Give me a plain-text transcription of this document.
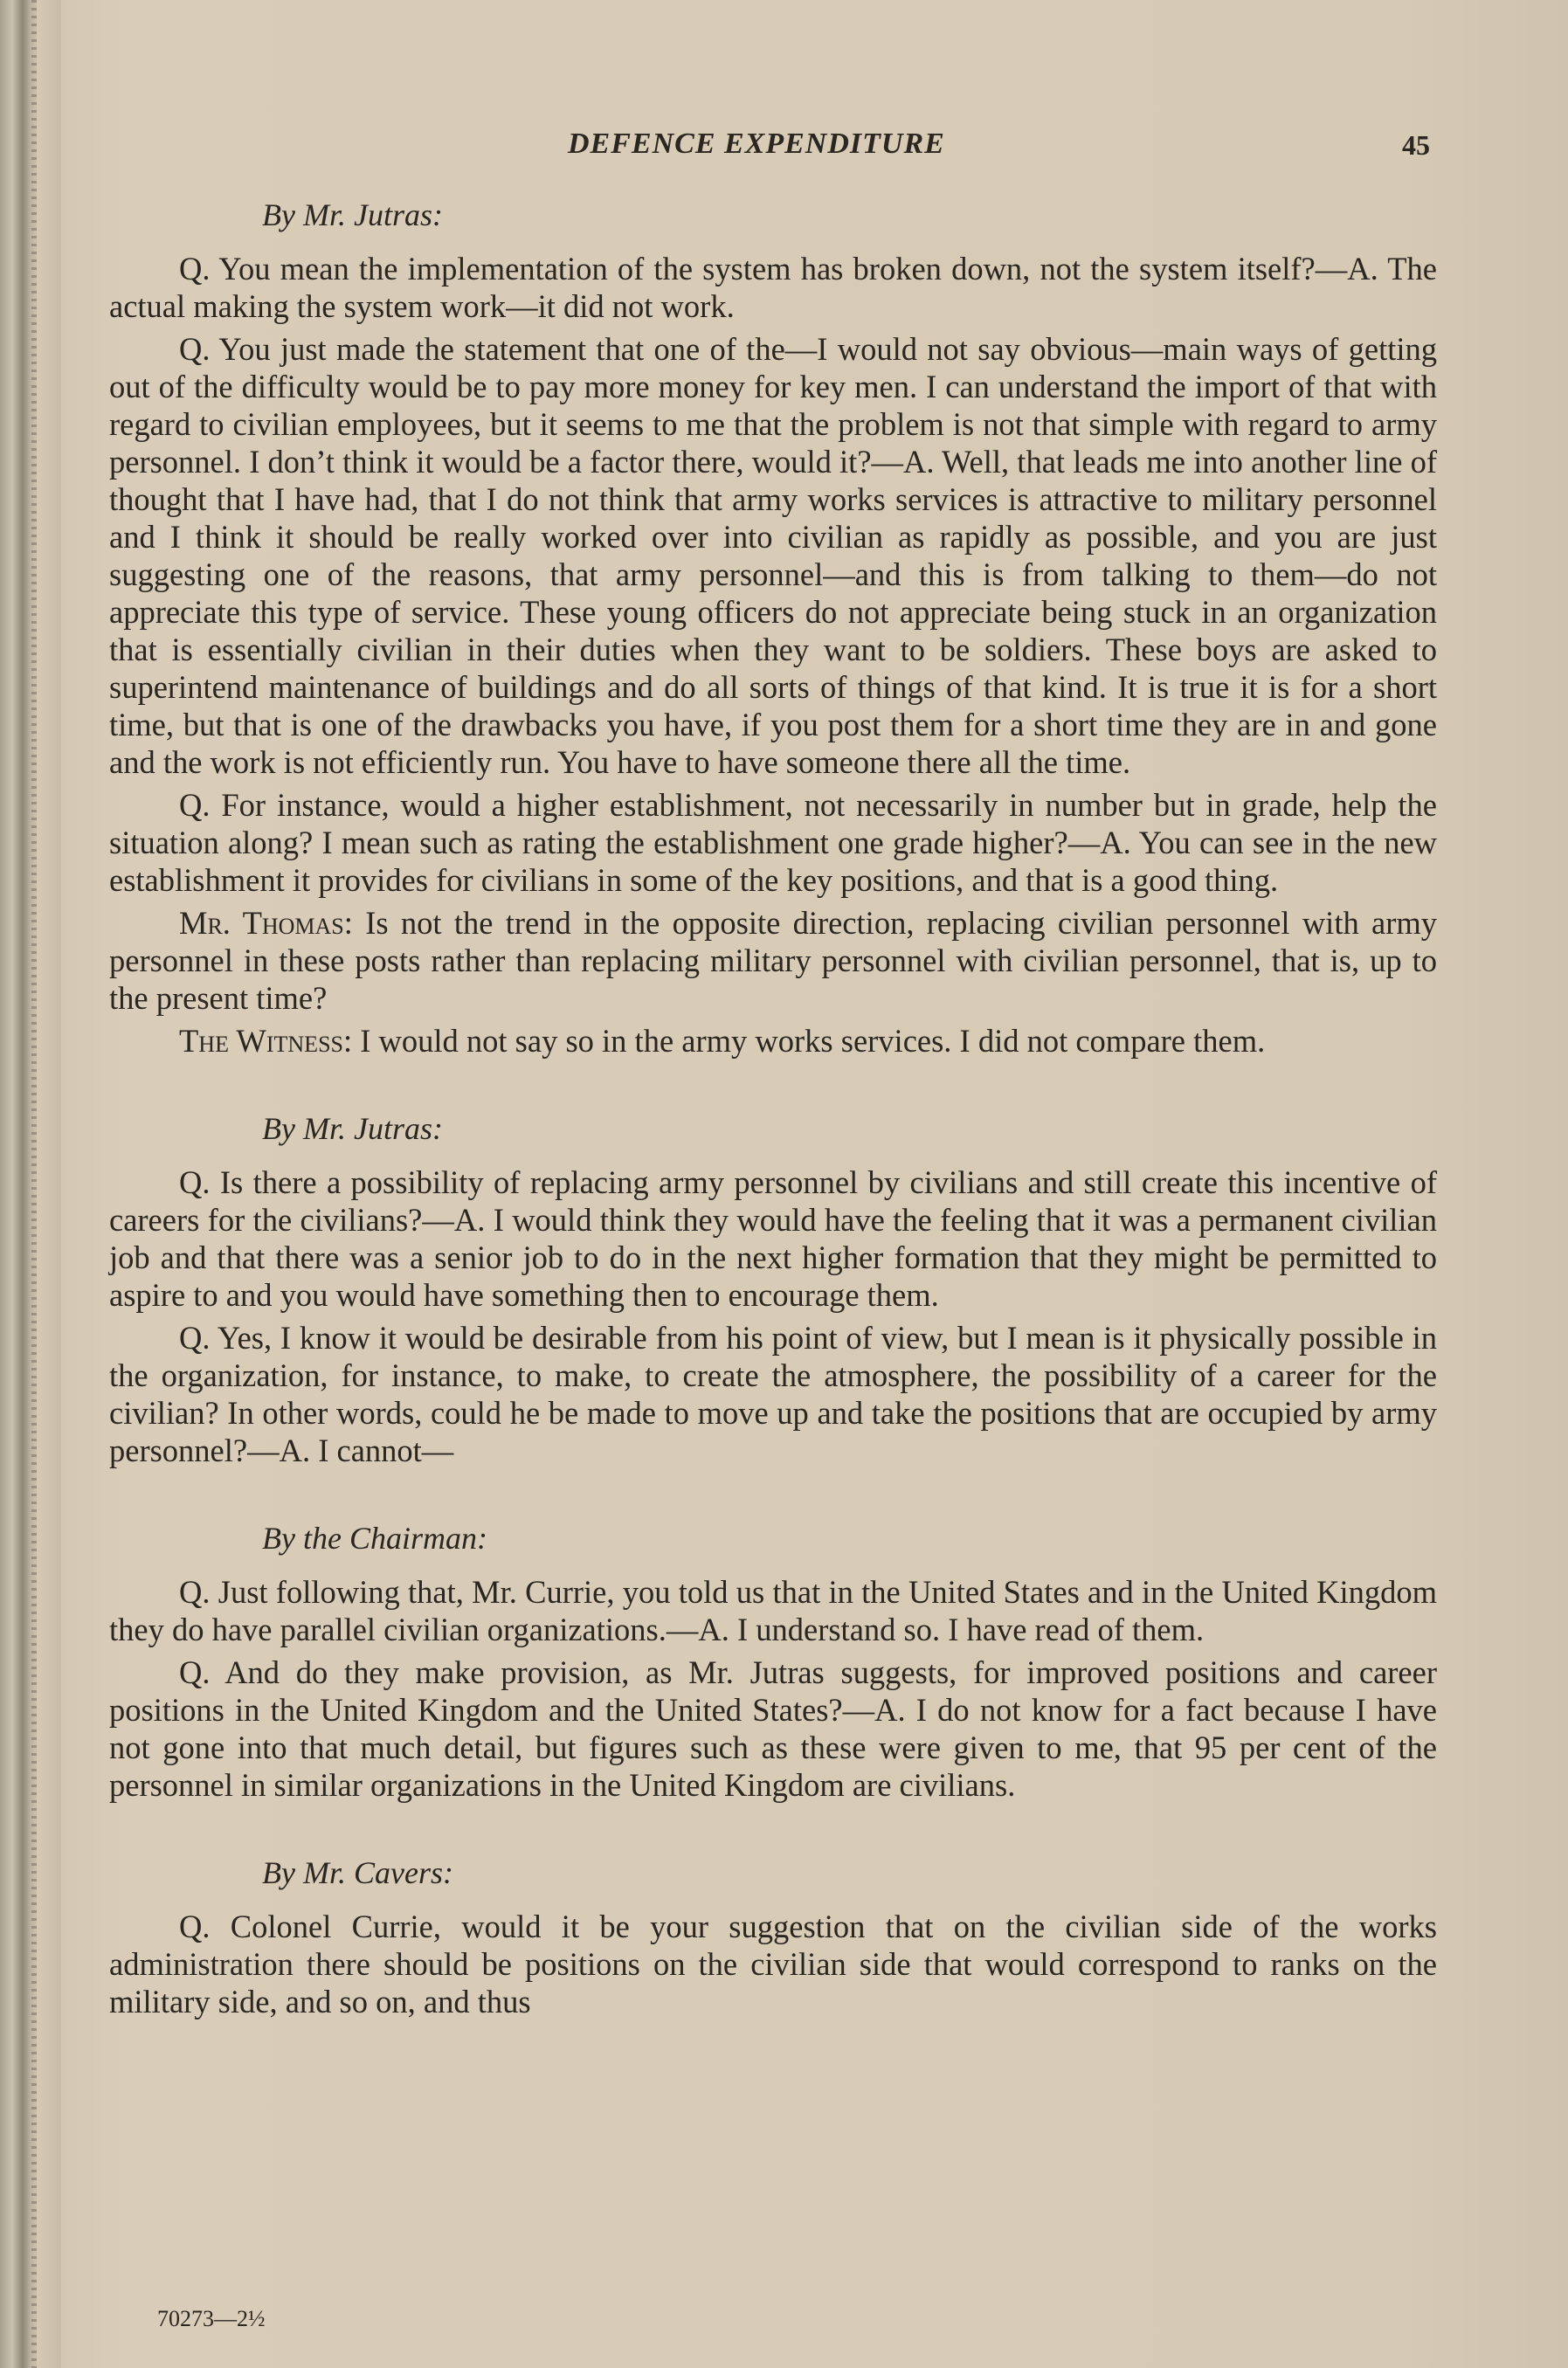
DEFENCE EXPENDITURE	45
By Mr. Jutras:

Q. You mean the implementation of the system has broken down, not the system itself?—A. The actual making the system work—it did not work.

Q. You just made the statement that one of the—I would not say obvious—main ways of getting out of the difficulty would be to pay more money for key men. I can understand the import of that with regard to civilian employees, but it seems to me that the problem is not that simple with regard to army personnel. I don’t think it would be a factor there, would it?—A. Well, that leads me into another line of thought that I have had, that I do not think that army works services is attractive to military personnel and I think it should be really worked over into civilian as rapidly as possible, and you are just suggesting one of the reasons, that army personnel—and this is from talking to them—do not appreciate this type of service. These young officers do not appreciate being stuck in an organization that is essentially civilian in their duties when they want to be soldiers. These boys are asked to superintend maintenance of buildings and do all sorts of things of that kind. It is true it is for a short time, but that is one of the drawbacks you have, if you post them for a short time they are in and gone and the work is not efficiently run. You have to have someone there all the time.

Q. For instance, would a higher establishment, not necessarily in number but in grade, help the situation along? I mean such as rating the establishment one grade higher?—A. You can see in the new establishment it provides for civilians in some of the key positions, and that is a good thing.

Mr. Thomas: Is not the trend in the opposite direction, replacing civilian personnel with army personnel in these posts rather than replacing military personnel with civilian personnel, that is, up to the present time?

The Witness: I would not say so in the army works services. I did not compare them.

By Mr. Jutras:

Q. Is there a possibility of replacing army personnel by civilians and still create this incentive of careers for the civilians?—A. I would think they would have the feeling that it was a permanent civilian job and that there was a senior job to do in the next higher formation that they might be permitted to aspire to and you would have something then to encourage them.

Q. Yes, I know it would be desirable from his point of view, but I mean is it physically possible in the organization, for instance, to make, to create the atmosphere, the possibility of a career for the civilian? In other words, could he be made to move up and take the positions that are occupied by army personnel?—A. I cannot—

By the Chairman:

Q. Just following that, Mr. Currie, you told us that in the United States and in the United Kingdom they do have parallel civilian organizations.—A. I understand so. I have read of them.

Q. And do they make provision, as Mr. Jutras suggests, for improved positions and career positions in the United Kingdom and the United States?—A. I do not know for a fact because I have not gone into that much detail, but figures such as these were given to me, that 95 per cent of the personnel in similar organizations in the United Kingdom are civilians.

By Mr. Cavers:

Q. Colonel Currie, would it be your suggestion that on the civilian side of the works administration there should be positions on the civilian side that would correspond to ranks on the military side, and so on, and thus

70273—2½
